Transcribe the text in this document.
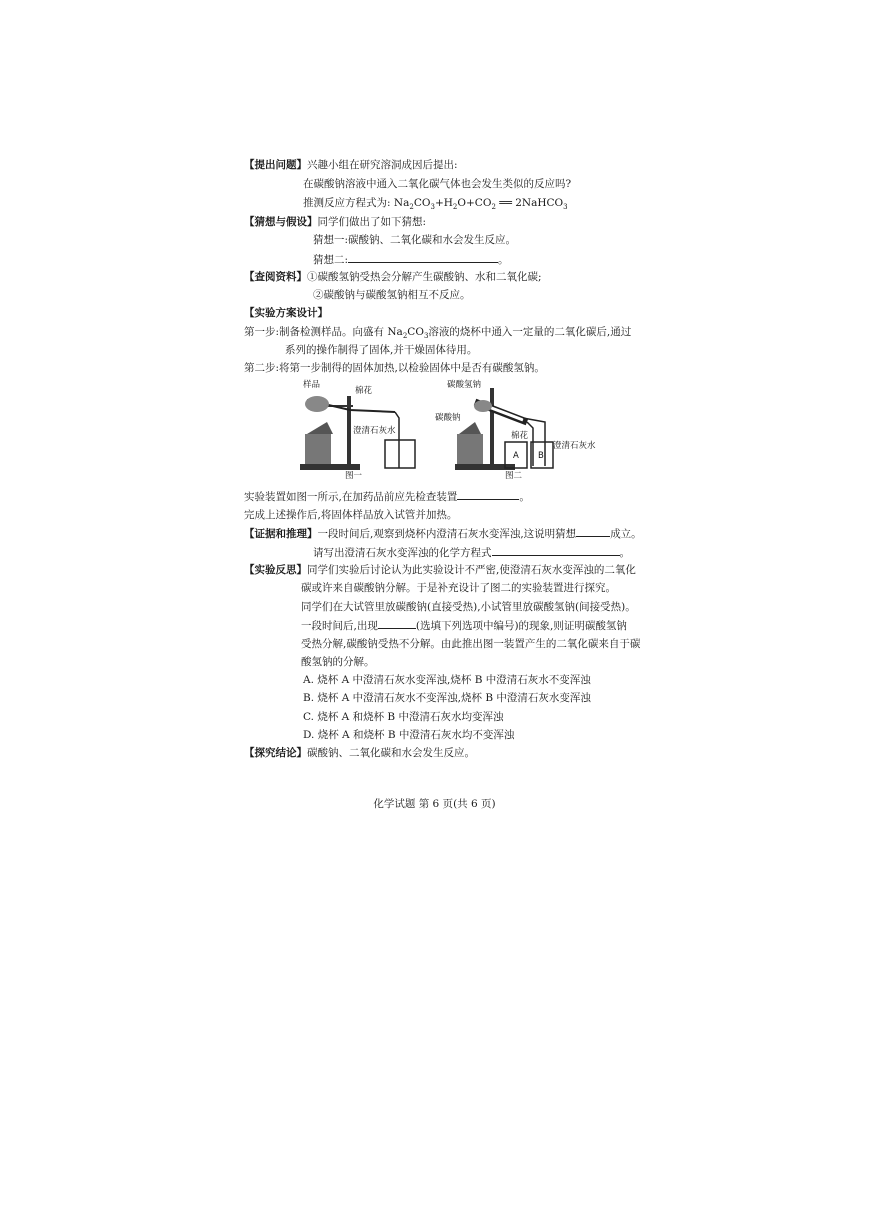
【提出问题】兴趣小组在研究溶洞成因后提出:
在碳酸钠溶液中通入二氧化碳气体也会发生类似的反应吗?
推测反应方程式为: $Na_2CO_3+H_2O+CO_2$ ══ 2NaHCO$_3$
【猜想与假设】同学们做出了如下猜想:
猜想一:碳酸钠、二氧化碳和水会发生反应。
猜想二:	。
【查阅资料】①碳酸氢钠受热会分解产生碳酸钠、水和二氧化碳;
②碳酸钠与碳酸氢钠相互不反应。
【实验方案设计】
第一步:制备检测样品。向盛有 $Na_2CO_3$溶液的烧杯中通入一定量的二氧化碳后,通过
系列的操作制得了固体,并干燥固体待用。
第二步:将第一步制得的固体加热,以检验固体中是否有碳酸氢钠。
样品
棉花
澄清石灰水
图一
碳酸氢钠
碳酸钠
棉花
澄清石灰水
A B
图二
实验装置如图一所示,在加药品前应先检查装置	。
完成上述操作后,将固体样品放入试管并加热。
【证据和推理】一段时间后,观察到烧杯内澄清石灰水变浑浊,这说明猜想	成立。
请写出澄清石灰水变浑浊的化学方程式	。
【实验反思】同学们实验后讨论认为此实验设计不严密,使澄清石灰水变浑浊的二氧化
碳或许来自碳酸钠分解。于是补充设计了图二的实验装置进行探究。
同学们在大试管里放碳酸钠(直接受热),小试管里放碳酸氢钠(间接受热)。
一段时间后,出现	(选填下列选项中编号)的现象,则证明碳酸氢钠
受热分解,碳酸钠受热不分解。由此推出图一装置产生的二氧化碳来自于碳
酸氢钠的分解。
A. 烧杯 A 中澄清石灰水变浑浊,烧杯 B 中澄清石灰水不变浑浊
B. 烧杯 A 中澄清石灰水不变浑浊,烧杯 B 中澄清石灰水变浑浊
C. 烧杯 A 和烧杯 B 中澄清石灰水均变浑浊
D. 烧杯 A 和烧杯 B 中澄清石灰水均不变浑浊
【探究结论】碳酸钠、二氧化碳和水会发生反应。
化学试题 第 6 页(共 6 页)
